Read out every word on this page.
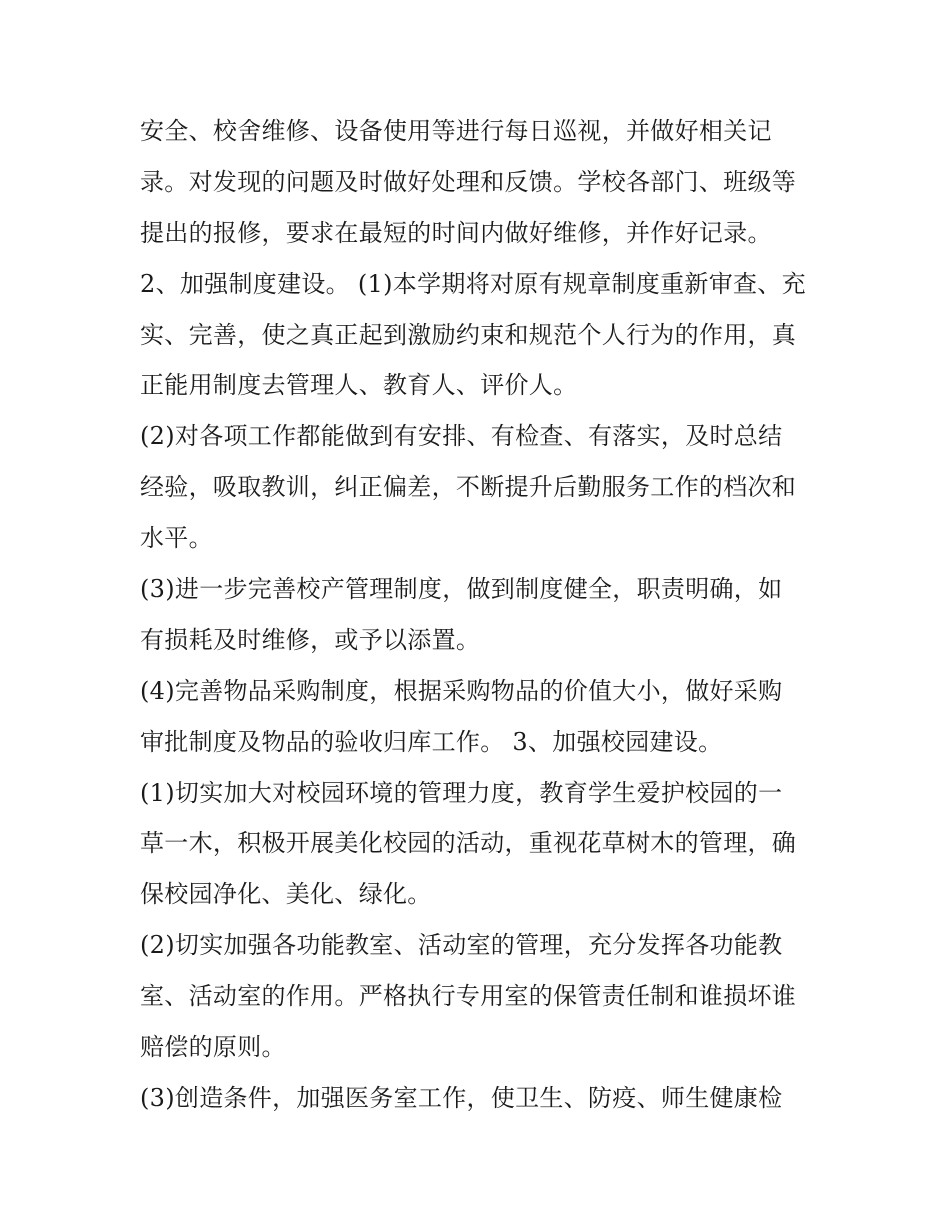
安全、校舍维修、设备使用等进行每日巡视，并做好相关记
录。对发现的问题及时做好处理和反馈。学校各部门、班级等
提出的报修，要求在最短的时间内做好维修，并作好记录。
2、加强制度建设。 (1)本学期将对原有规章制度重新审查、充
实、完善，使之真正起到激励约束和规范个人行为的作用，真
正能用制度去管理人、教育人、评价人。
(2)对各项工作都能做到有安排、有检查、有落实，及时总结
经验，吸取教训，纠正偏差，不断提升后勤服务工作的档次和
水平。
(3)进一步完善校产管理制度，做到制度健全，职责明确，如
有损耗及时维修，或予以添置。
(4)完善物品采购制度，根据采购物品的价值大小，做好采购
审批制度及物品的验收归库工作。 3、加强校园建设。
(1)切实加大对校园环境的管理力度，教育学生爱护校园的一
草一木，积极开展美化校园的活动，重视花草树木的管理，确
保校园净化、美化、绿化。
(2)切实加强各功能教室、活动室的管理，充分发挥各功能教
室、活动室的作用。严格执行专用室的保管责任制和谁损坏谁
赔偿的原则。
(3)创造条件，加强医务室工作，使卫生、防疫、师生健康检
